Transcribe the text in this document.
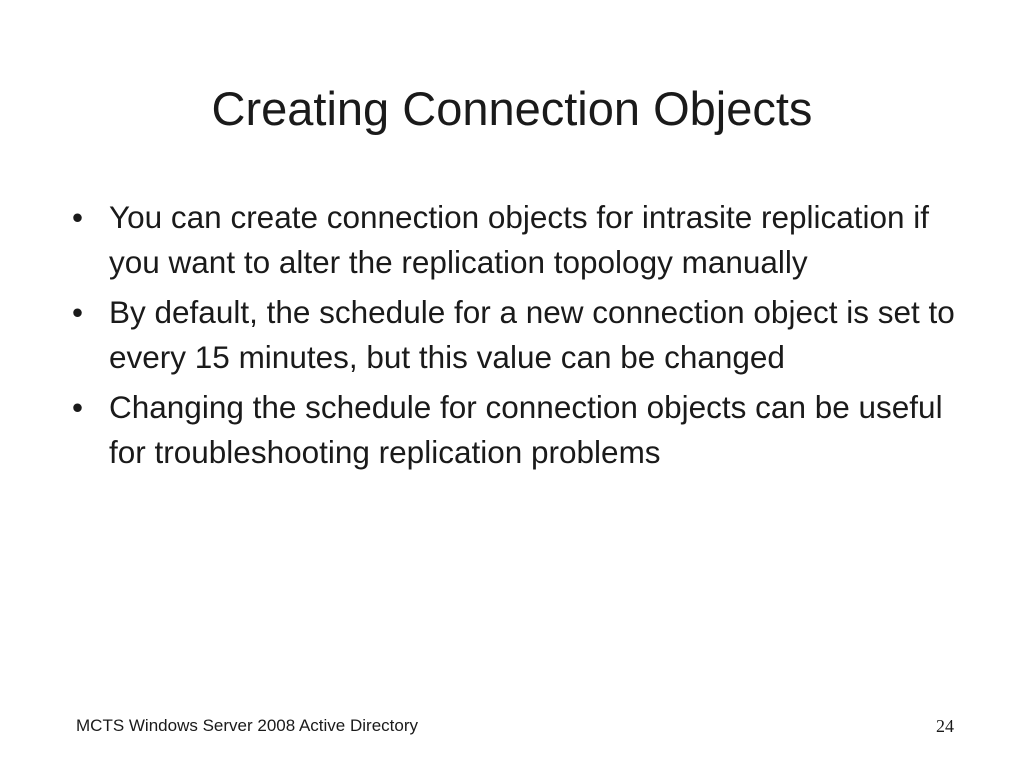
Creating Connection Objects
• You can create connection objects for intrasite replication if you want to alter the replication topology manually
• By default, the schedule for a new connection object is set to every 15 minutes, but this value can be changed
• Changing the schedule for connection objects can be useful for troubleshooting replication problems
MCTS Windows Server 2008 Active Directory	24
